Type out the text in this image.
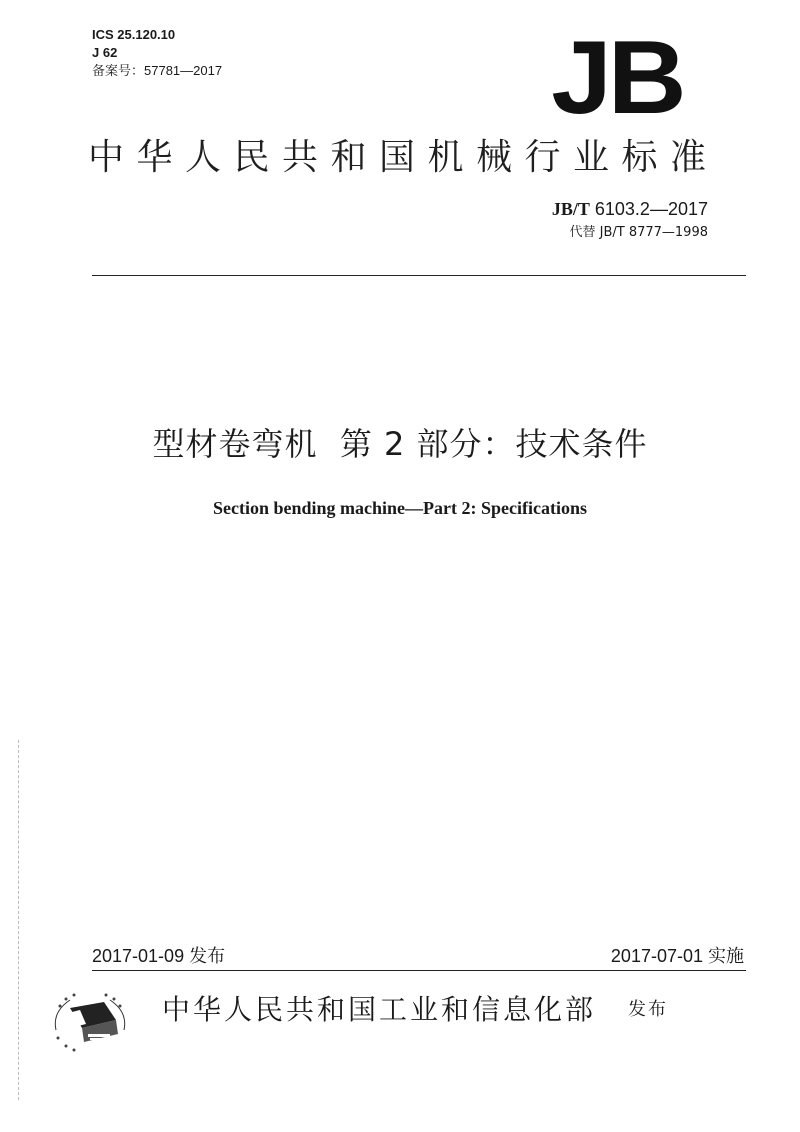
ICS 25.120.10
J 62
备案号：57781—2017	JB
中华人民共和国机械行业标准
JB/T 6103.2—2017
代替 JB/T 8777—1998
型材卷弯机  第 2 部分：技术条件
Section bending machine—Part 2: Specifications
2017-01-09 发布	2017-07-01 实施
中华人民共和国工业和信息化部 发布
